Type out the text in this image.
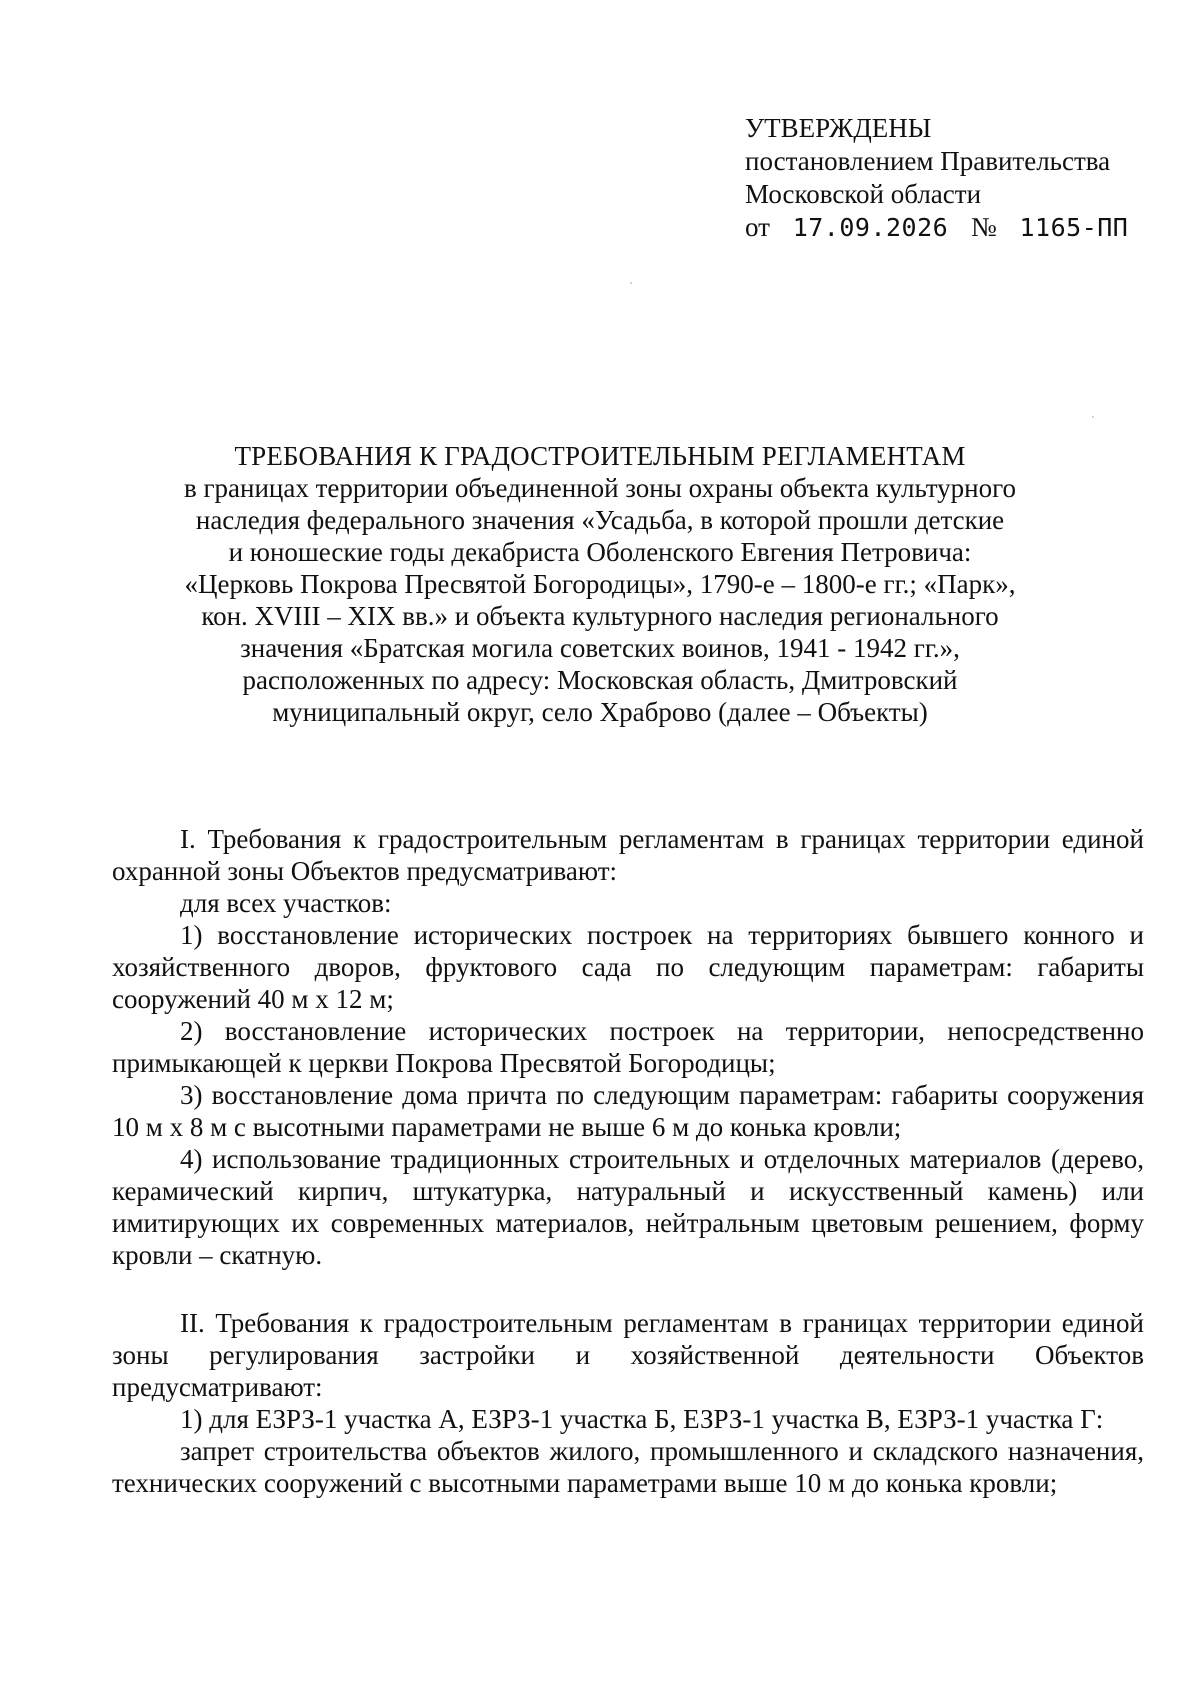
УТВЕРЖДЕНЫ
постановлением Правительства
Московской области
от 17.09.2026 № 1165-ПП
ТРЕБОВАНИЯ К ГРАДОСТРОИТЕЛЬНЫМ РЕГЛАМЕНТАМ
в границах территории объединенной зоны охраны объекта культурного
наследия федерального значения «Усадьба, в которой прошли детские
и юношеские годы декабриста Оболенского Евгения Петровича:
«Церковь Покрова Пресвятой Богородицы», 1790-е – 1800-е гг.; «Парк»,
кон. XVIII – XIX вв.» и объекта культурного наследия регионального
значения «Братская могила советских воинов, 1941 - 1942 гг.»,
расположенных по адресу: Московская область, Дмитровский
муниципальный округ, село Храброво (далее – Объекты)

I. Требования к градостроительным регламентам в границах территории единой охранной зоны Объектов предусматривают:

для всех участков:

1) восстановление исторических построек на территориях бывшего конного и хозяйственного дворов, фруктового сада по следующим параметрам: габариты сооружений 40 м х 12 м;

2) восстановление исторических построек на территории, непосредственно примыкающей к церкви Покрова Пресвятой Богородицы;

3) восстановление дома причта по следующим параметрам: габариты сооружения 10 м х 8 м с высотными параметрами не выше 6 м до конька кровли;

4) использование традиционных строительных и отделочных материалов (дерево, керамический кирпич, штукатурка, натуральный и искусственный камень) или имитирующих их современных материалов, нейтральным цветовым решением, форму кровли – скатную.

II. Требования к градостроительным регламентам в границах территории единой зоны регулирования застройки и хозяйственной деятельности Объектов предусматривают:

1) для ЕЗРЗ-1 участка А, ЕЗРЗ-1 участка Б, ЕЗРЗ-1 участка В, ЕЗРЗ-1 участка Г:

запрет строительства объектов жилого, промышленного и складского назначения, технических сооружений с высотными параметрами выше 10 м до конька кровли;
